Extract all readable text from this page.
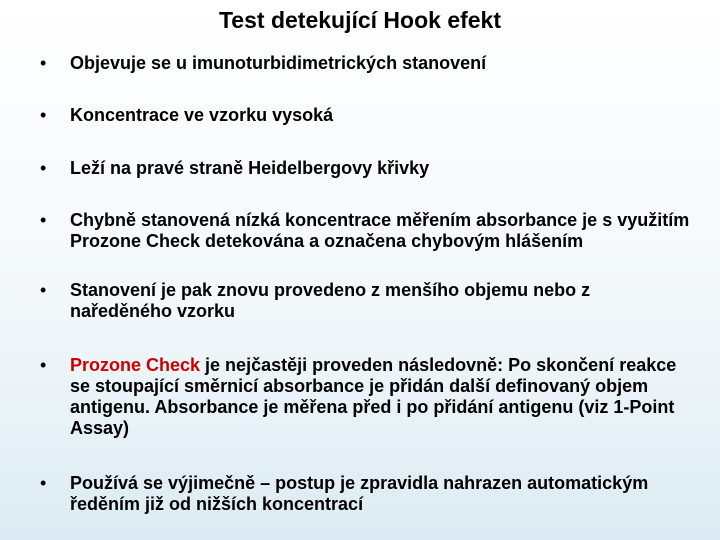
Test detekující Hook efekt
•	Objevuje se u imunoturbidimetrických stanovení
•	Koncentrace ve vzorku vysoká
•	Leží na pravé straně Heidelbergovy křivky
•	Chybně stanovená nízká koncentrace měřením absorbance je s využitím Prozone Check detekována a označena chybovým hlášením
•	Stanovení je pak znovu provedeno z menšího objemu nebo z naředěného vzorku
•	Prozone Check je nejčastěji proveden následovně: Po skončení reakce se stoupající směrnicí absorbance je přidán další definovaný objem antigenu. Absorbance je měřena před i po přidání antigenu (viz 1-Point Assay)
•	Používá se výjimečně – postup je zpravidla nahrazen automatickým ředěním již od nižších koncentrací
